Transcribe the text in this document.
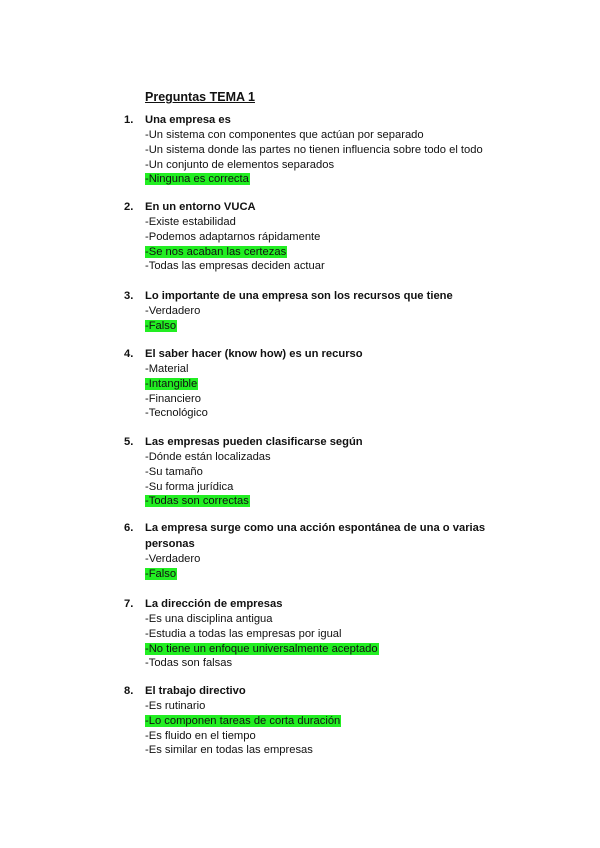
Preguntas TEMA 1
1.	Una empresa es
-Un sistema con componentes que actúan por separado
-Un sistema donde las partes no tienen influencia sobre todo el todo
-Un conjunto de elementos separados
-Ninguna es correcta
2.	En un entorno VUCA
-Existe estabilidad
-Podemos adaptarnos rápidamente
-Se nos acaban las certezas
-Todas las empresas deciden actuar
3.	Lo importante de una empresa son los recursos que tiene
-Verdadero
-Falso
4.	El saber hacer (know how) es un recurso
-Material
-Intangible
-Financiero
-Tecnológico
5.	Las empresas pueden clasificarse según
-Dónde están localizadas
-Su tamaño
-Su forma jurídica
-Todas son correctas
6.	La empresa surge como una acción espontánea de una o varias personas
-Verdadero
-Falso
7.	La dirección de empresas
-Es una disciplina antigua
-Estudia a todas las empresas por igual
-No tiene un enfoque universalmente aceptado
-Todas son falsas
8.	El trabajo directivo
-Es rutinario
-Lo componen tareas de corta duración
-Es fluido en el tiempo
-Es similar en todas las empresas
